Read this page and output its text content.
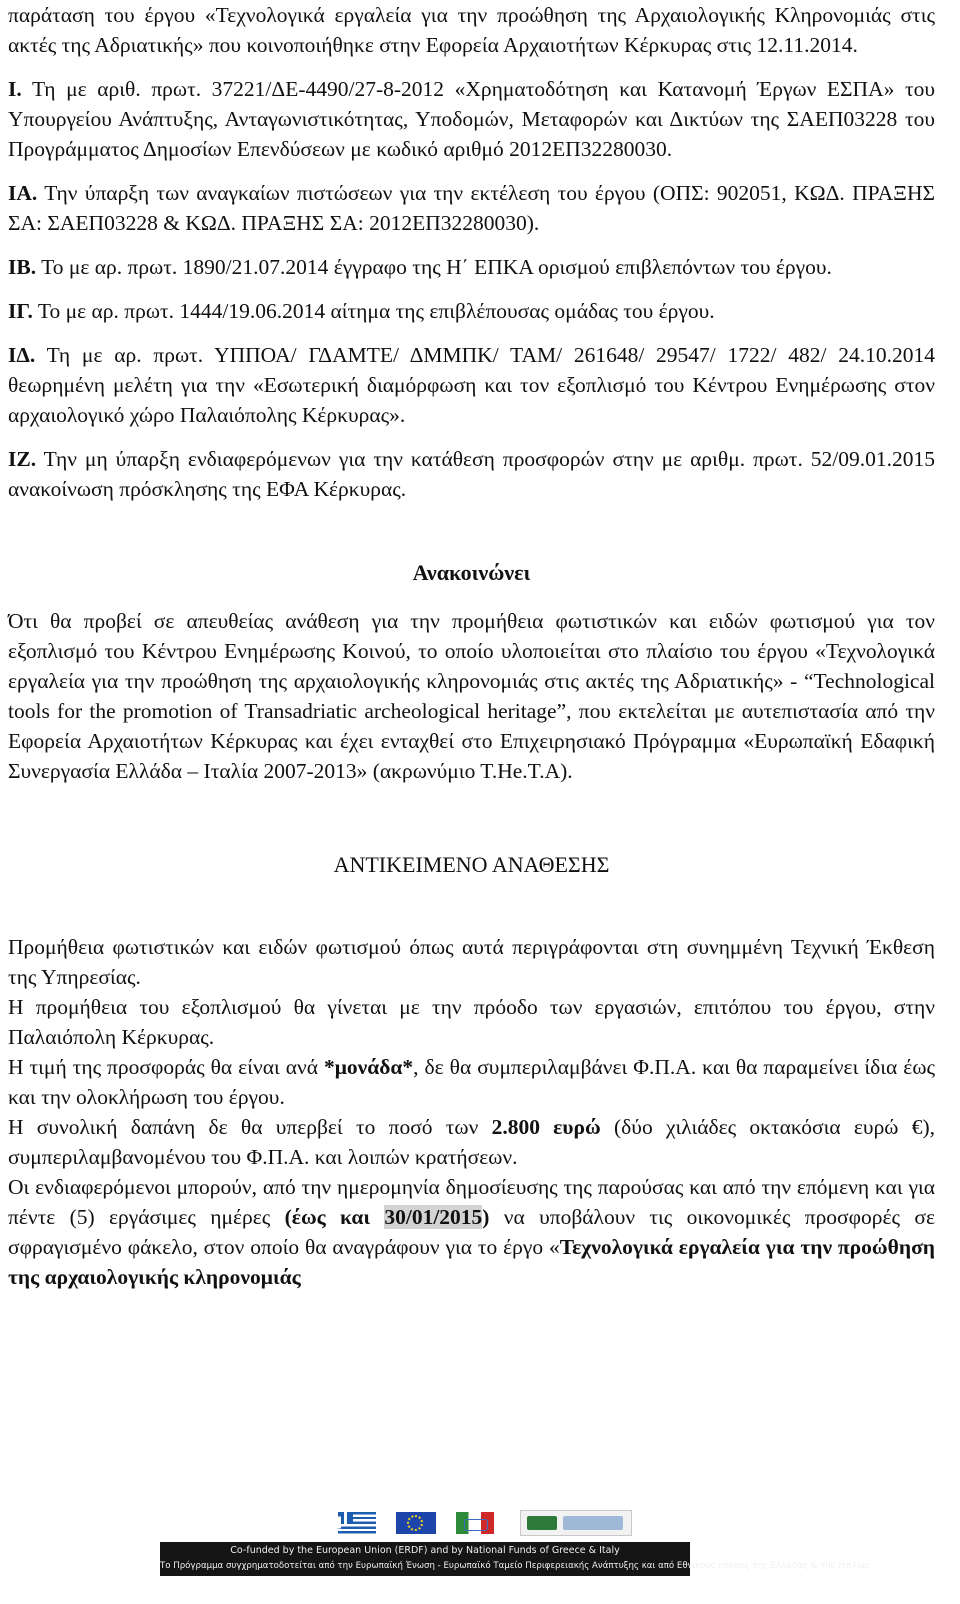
παράταση του έργου «Τεχνολογικά εργαλεία για την προώθηση της Αρχαιολογικής Κληρονομιάς στις ακτές της Αδριατικής» που κοινοποιήθηκε στην Εφορεία Αρχαιοτήτων Κέρκυρας στις 12.11.2014.

Ι. Τη με αριθ. πρωτ. 37221/ΔΕ-4490/27-8-2012 «Χρηματοδότηση και Κατανομή Έργων ΕΣΠΑ» του Υπουργείου Ανάπτυξης, Ανταγωνιστικότητας, Υποδομών, Μεταφορών και Δικτύων της ΣΑΕΠ03228 του Προγράμματος Δημοσίων Επενδύσεων με κωδικό αριθμό 2012ΕΠ32280030.

ΙΑ. Την ύπαρξη των αναγκαίων πιστώσεων για την εκτέλεση του έργου (ΟΠΣ: 902051, ΚΩΔ. ΠΡΑΞΗΣ ΣΑ: ΣΑΕΠ03228 & ΚΩΔ. ΠΡΑΞΗΣ ΣΑ: 2012ΕΠ32280030).

ΙΒ. Το με αρ. πρωτ. 1890/21.07.2014 έγγραφο της Η΄ ΕΠΚΑ ορισμού επιβλεπόντων του έργου.

ΙΓ. Το με αρ. πρωτ. 1444/19.06.2014 αίτημα της επιβλέπουσας ομάδας του έργου.

ΙΔ. Τη με αρ. πρωτ. ΥΠΠΟΑ/ ΓΔΑΜΤΕ/ ΔΜΜΠΚ/ ΤΑΜ/ 261648/ 29547/ 1722/ 482/ 24.10.2014 θεωρημένη μελέτη για την «Εσωτερική διαμόρφωση και τον εξοπλισμό του Κέντρου Ενημέρωσης στον αρχαιολογικό χώρο Παλαιόπολης Κέρκυρας».

ΙΖ. Την μη ύπαρξη ενδιαφερόμενων για την κατάθεση προσφορών στην με αριθμ. πρωτ. 52/09.01.2015 ανακοίνωση πρόσκλησης της ΕΦΑ Κέρκυρας.

Ανακοινώνει

Ότι θα προβεί σε απευθείας ανάθεση για την προμήθεια φωτιστικών και ειδών φωτισμού για τον εξοπλισμό του Κέντρου Ενημέρωσης Κοινού, το οποίο υλοποιείται στο πλαίσιο του έργου «Τεχνολογικά εργαλεία για την προώθηση της αρχαιολογικής κληρονομιάς στις ακτές της Αδριατικής» - “Technological tools for the promotion of Transadriatic archeological heritage”, που εκτελείται με αυτεπιστασία από την Εφορεία Αρχαιοτήτων Κέρκυρας και έχει ενταχθεί στο Επιχειρησιακό Πρόγραμμα «Ευρωπαϊκή Εδαφική Συνεργασία Ελλάδα – Ιταλία 2007-2013» (ακρωνύμιο Τ.He.T.A).

ΑΝΤΙΚΕΙΜΕΝΟ ΑΝΑΘΕΣΗΣ

Προμήθεια φωτιστικών και ειδών φωτισμού όπως αυτά περιγράφονται στη συνημμένη Τεχνική Έκθεση της Υπηρεσίας.

Η προμήθεια του εξοπλισμού θα γίνεται με την πρόοδο των εργασιών, επιτόπου του έργου, στην Παλαιόπολη Κέρκυρας.

Η τιμή της προσφοράς θα είναι ανά *μονάδα*, δε θα συμπεριλαμβάνει Φ.Π.Α. και θα παραμείνει ίδια έως και την ολοκλήρωση του έργου.

Η συνολική δαπάνη δε θα υπερβεί το ποσό των 2.800 ευρώ (δύο χιλιάδες οκτακόσια ευρώ €), συμπεριλαμβανομένου του Φ.Π.Α. και λοιπών κρατήσεων.

Οι ενδιαφερόμενοι μπορούν, από την ημερομηνία δημοσίευσης της παρούσας και από την επόμενη και για πέντε (5) εργάσιμες ημέρες (έως και 30/01/2015) να υποβάλουν τις οικονομικές προσφορές σε σφραγισμένο φάκελο, στον οποίο θα αναγράφουν για το έργο «Τεχνολογικά εργαλεία για την προώθηση της αρχαιολογικής κληρονομιάς

Co-funded by the European Union (ERDF) and by National Funds of Greece & Italy
Το Πρόγραμμα συγχρηματοδοτείται από την Ευρωπαϊκή Ένωση - Ευρωπαϊκό Ταμείο Περιφερειακής Ανάπτυξης και από Εθνικούς πόρους της Ελλάδας & της Ιταλίας
